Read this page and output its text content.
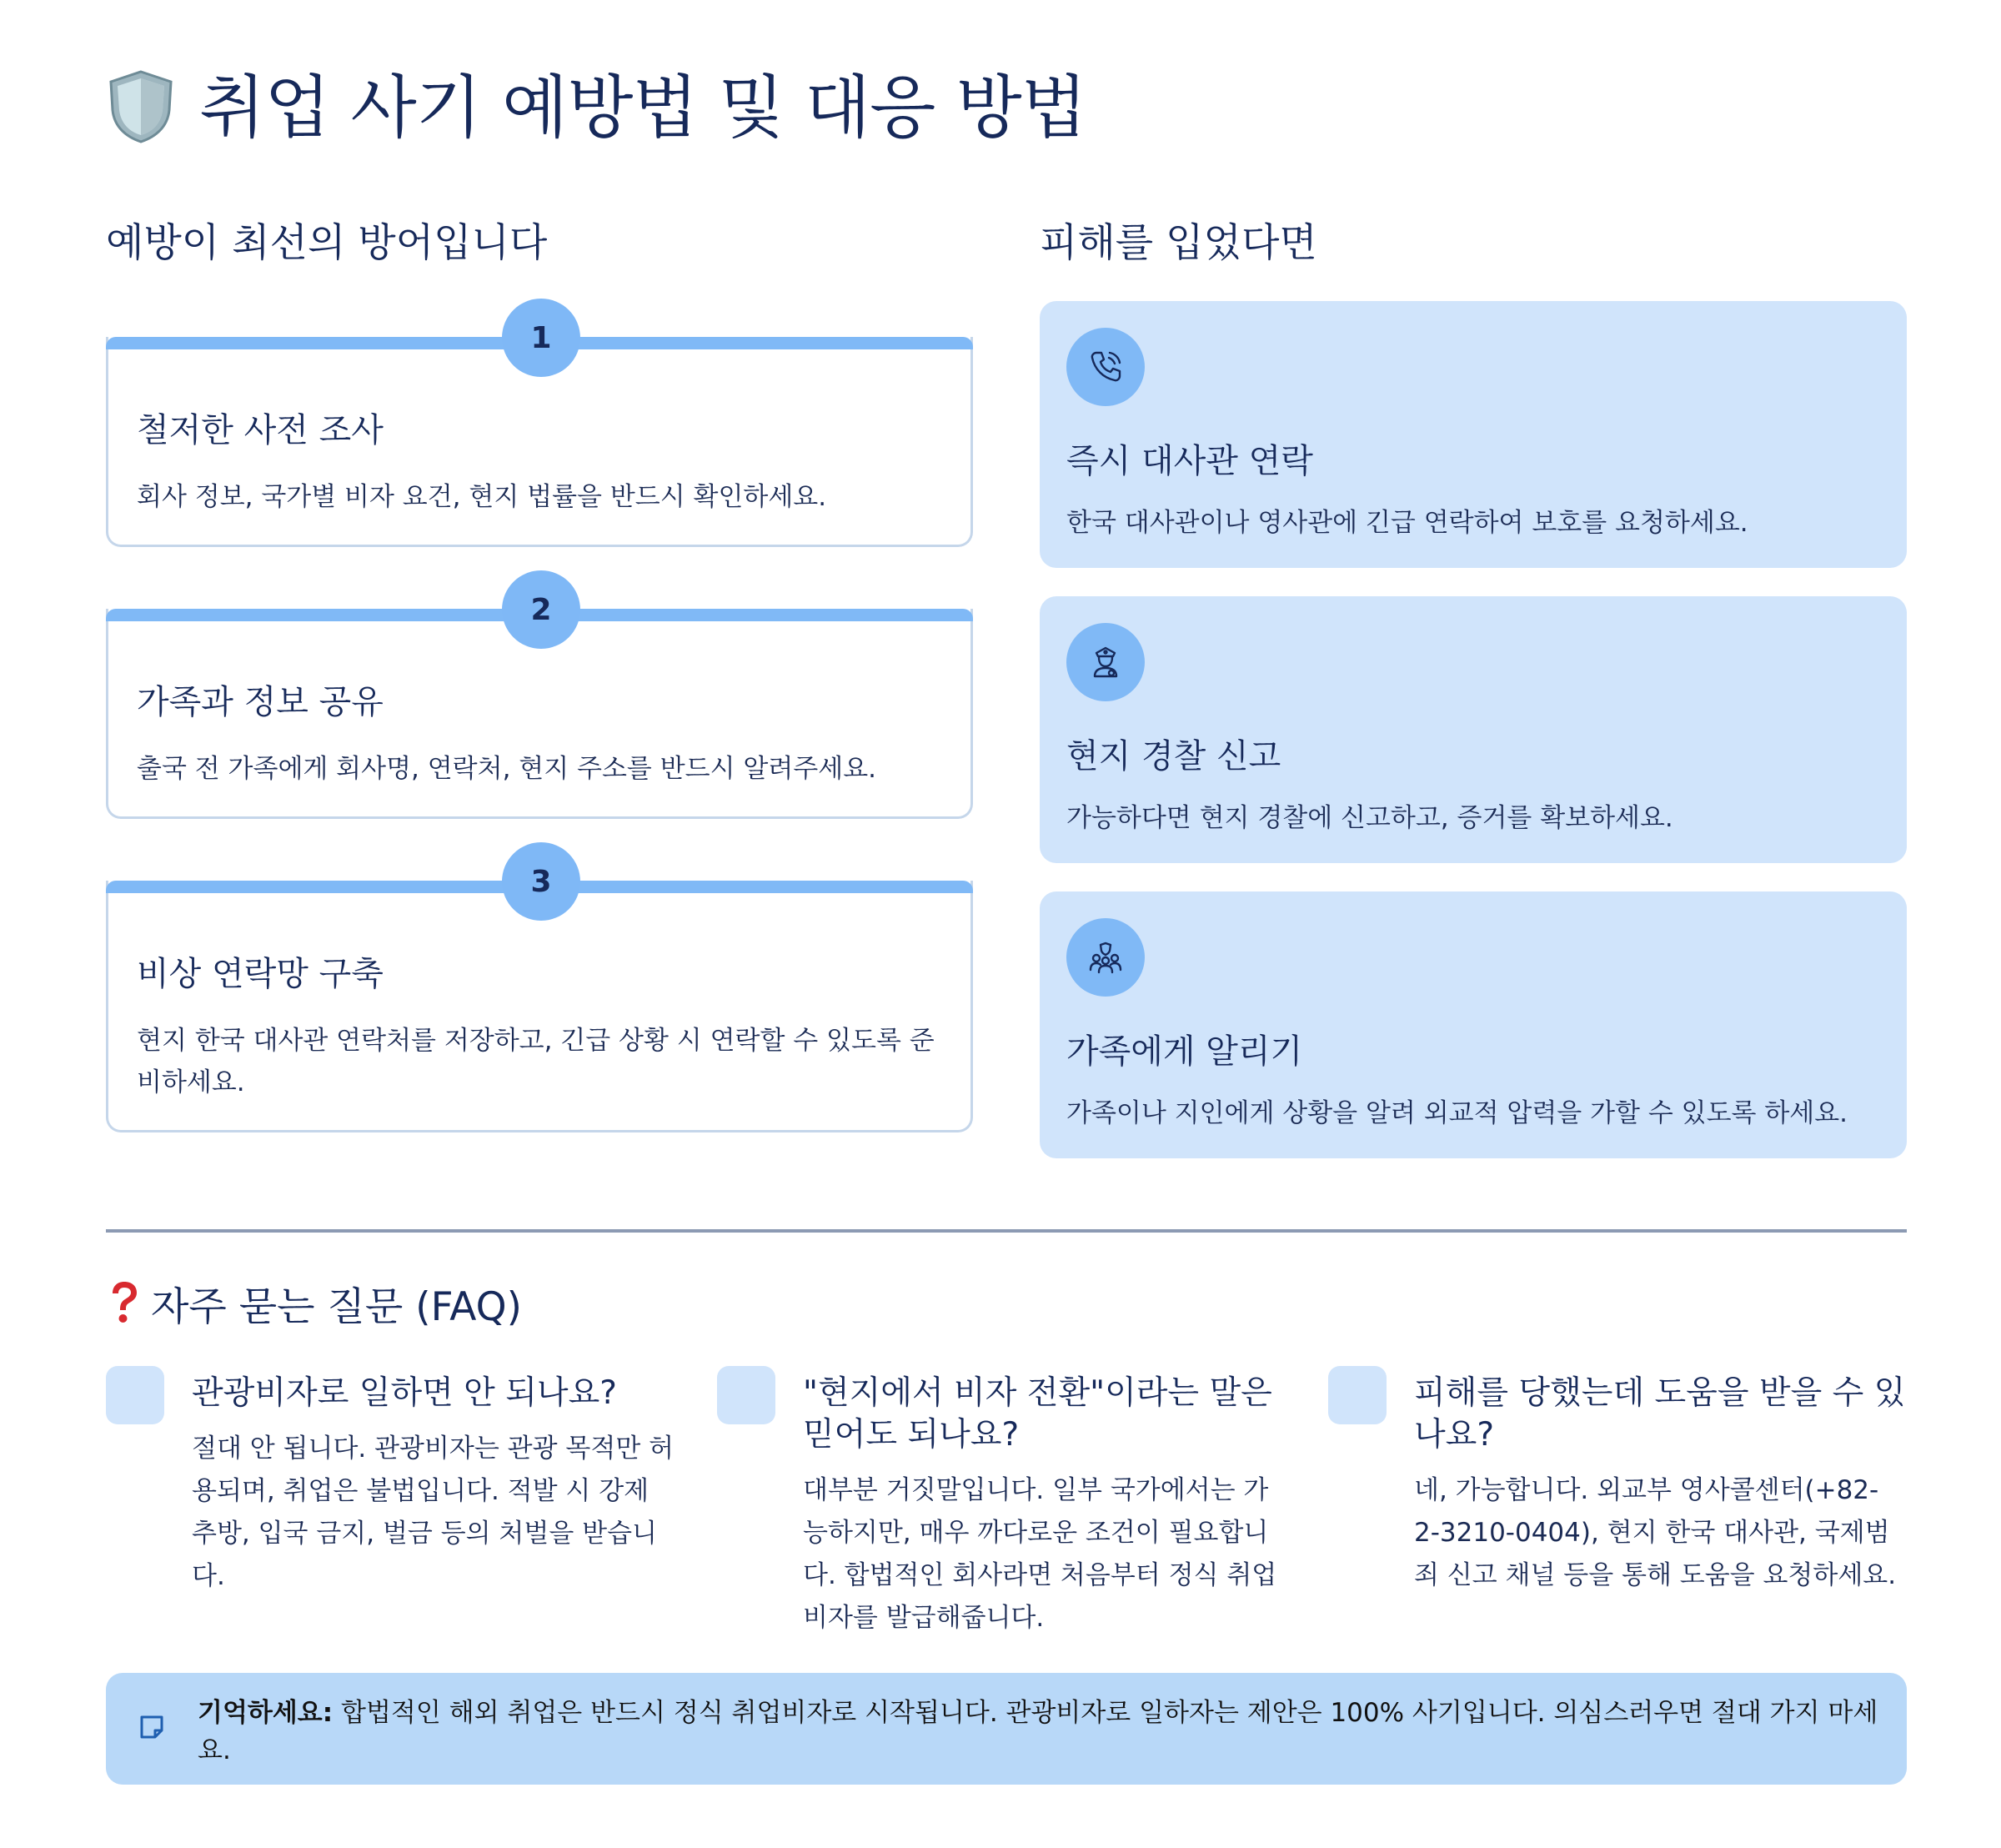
취업 사기 예방법 및 대응 방법
예방이 최선의 방어입니다	피해를 입었다면
1
철저한 사전 조사
회사 정보, 국가별 비자 요건, 현지 법률을 반드시 확인하세요.
2
가족과 정보 공유
출국 전 가족에게 회사명, 연락처, 현지 주소를 반드시 알려주세요.
3
비상 연락망 구축
현지 한국 대사관 연락처를 저장하고, 긴급 상황 시 연락할 수 있도록 준비하세요.
즉시 대사관 연락
한국 대사관이나 영사관에 긴급 연락하여 보호를 요청하세요.
현지 경찰 신고
가능하다면 현지 경찰에 신고하고, 증거를 확보하세요.
가족에게 알리기
가족이나 지인에게 상황을 알려 외교적 압력을 가할 수 있도록 하세요.
자주 묻는 질문 (FAQ)
관광비자로 일하면 안 되나요?
절대 안 됩니다. 관광비자는 관광 목적만 허용되며, 취업은 불법입니다. 적발 시 강제 추방, 입국 금지, 벌금 등의 처벌을 받습니다.
"현지에서 비자 전환"이라는 말은 믿어도 되나요?
대부분 거짓말입니다. 일부 국가에서는 가능하지만, 매우 까다로운 조건이 필요합니다. 합법적인 회사라면 처음부터 정식 취업비자를 발급해줍니다.
피해를 당했는데 도움을 받을 수 있나요?
네, 가능합니다. 외교부 영사콜센터(+82-2-3210-0404), 현지 한국 대사관, 국제범죄 신고 채널 등을 통해 도움을 요청하세요.
기억하세요: 합법적인 해외 취업은 반드시 정식 취업비자로 시작됩니다. 관광비자로 일하자는 제안은 100% 사기입니다. 의심스러우면 절대 가지 마세요.
